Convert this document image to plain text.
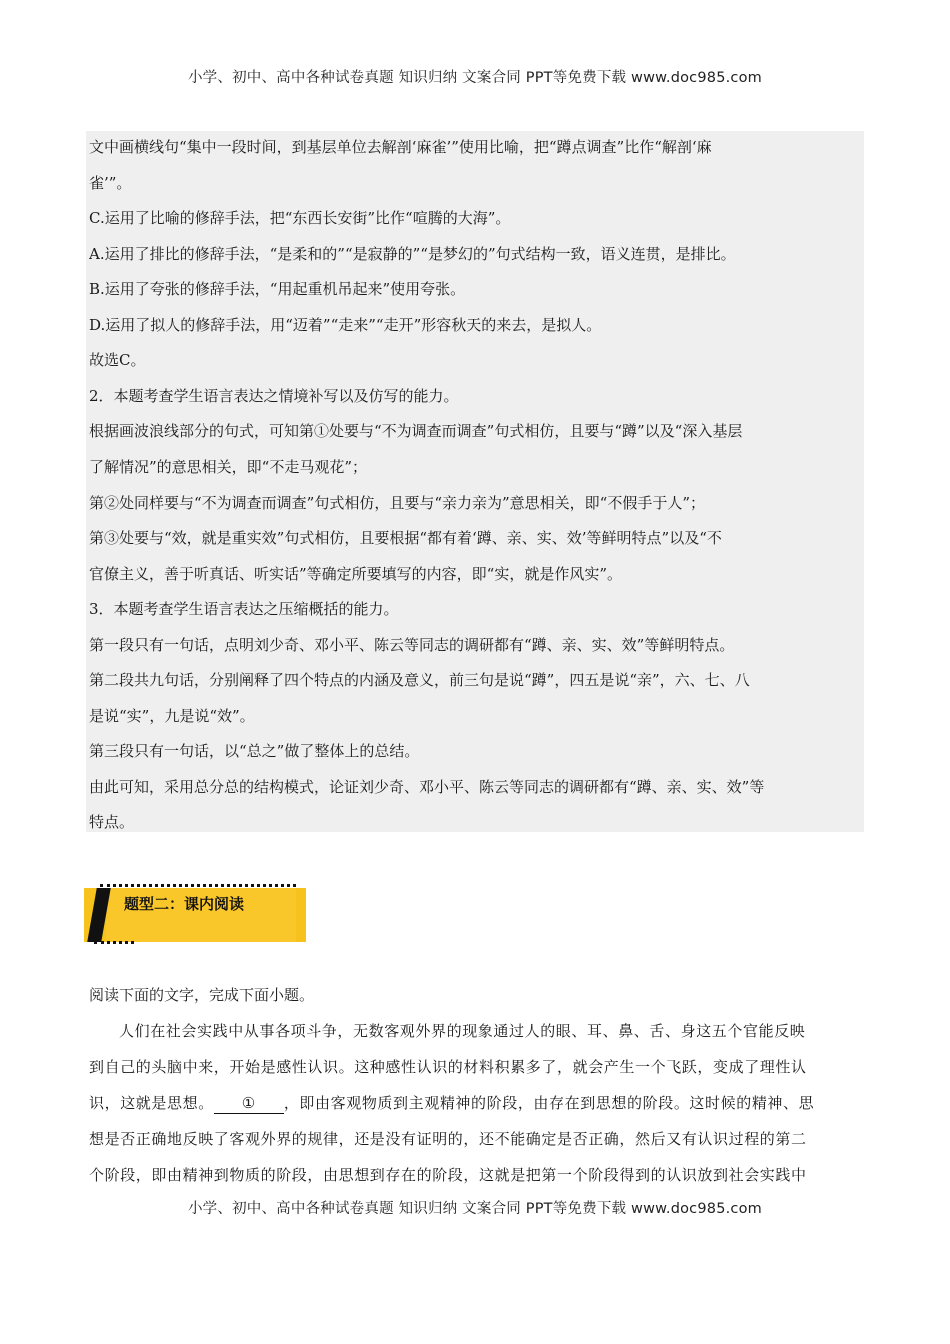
小学、初中、高中各种试卷真题 知识归纳 文案合同 PPT等免费下载 www.doc985.com
文中画横线句“集中一段时间，到基层单位去解剖‘麻雀’”使用比喻，把“蹲点调查”比作“解剖‘麻
雀’”。
C.运用了比喻的修辞手法，把“东西长安街”比作“喧腾的大海”。
A.运用了排比的修辞手法，“是柔和的”“是寂静的”“是梦幻的”句式结构一致，语义连贯，是排比。
B.运用了夸张的修辞手法，“用起重机吊起来”使用夸张。
D.运用了拟人的修辞手法，用“迈着”“走来”“走开”形容秋天的来去，是拟人。
故选C。
2．本题考查学生语言表达之情境补写以及仿写的能力。
根据画波浪线部分的句式，可知第①处要与“不为调查而调查”句式相仿，且要与“蹲”以及“深入基层
了解情况”的意思相关，即“不走马观花”；
第②处同样要与“不为调查而调查”句式相仿，且要与“亲力亲为”意思相关，即“不假手于人”；
第③处要与“效，就是重实效”句式相仿，且要根据“都有着‘蹲、亲、实、效’等鲜明特点”以及“不
官僚主义，善于听真话、听实话”等确定所要填写的内容，即“实，就是作风实”。
3．本题考查学生语言表达之压缩概括的能力。
第一段只有一句话，点明刘少奇、邓小平、陈云等同志的调研都有“蹲、亲、实、效”等鲜明特点。
第二段共九句话，分别阐释了四个特点的内涵及意义，前三句是说“蹲”，四五是说“亲”，六、七、八
是说“实”，九是说“效”。
第三段只有一句话，以“总之”做了整体上的总结。
由此可知，采用总分总的结构模式，论证刘少奇、邓小平、陈云等同志的调研都有“蹲、亲、实、效”等
特点。
题型二：课内阅读
阅读下面的文字，完成下面小题。
人们在社会实践中从事各项斗争，无数客观外界的现象通过人的眼、耳、鼻、舌、身这五个官能反映
到自己的头脑中来，开始是感性认识。这种感性认识的材料积累多了，就会产生一个飞跃，变成了理性认
识，这就是思想。 ① ，即由客观物质到主观精神的阶段，由存在到思想的阶段。这时候的精神、思
想是否正确地反映了客观外界的规律，还是没有证明的，还不能确定是否正确，然后又有认识过程的第二
个阶段，即由精神到物质的阶段，由思想到存在的阶段，这就是把第一个阶段得到的认识放到社会实践中
小学、初中、高中各种试卷真题 知识归纳 文案合同 PPT等免费下载 www.doc985.com
